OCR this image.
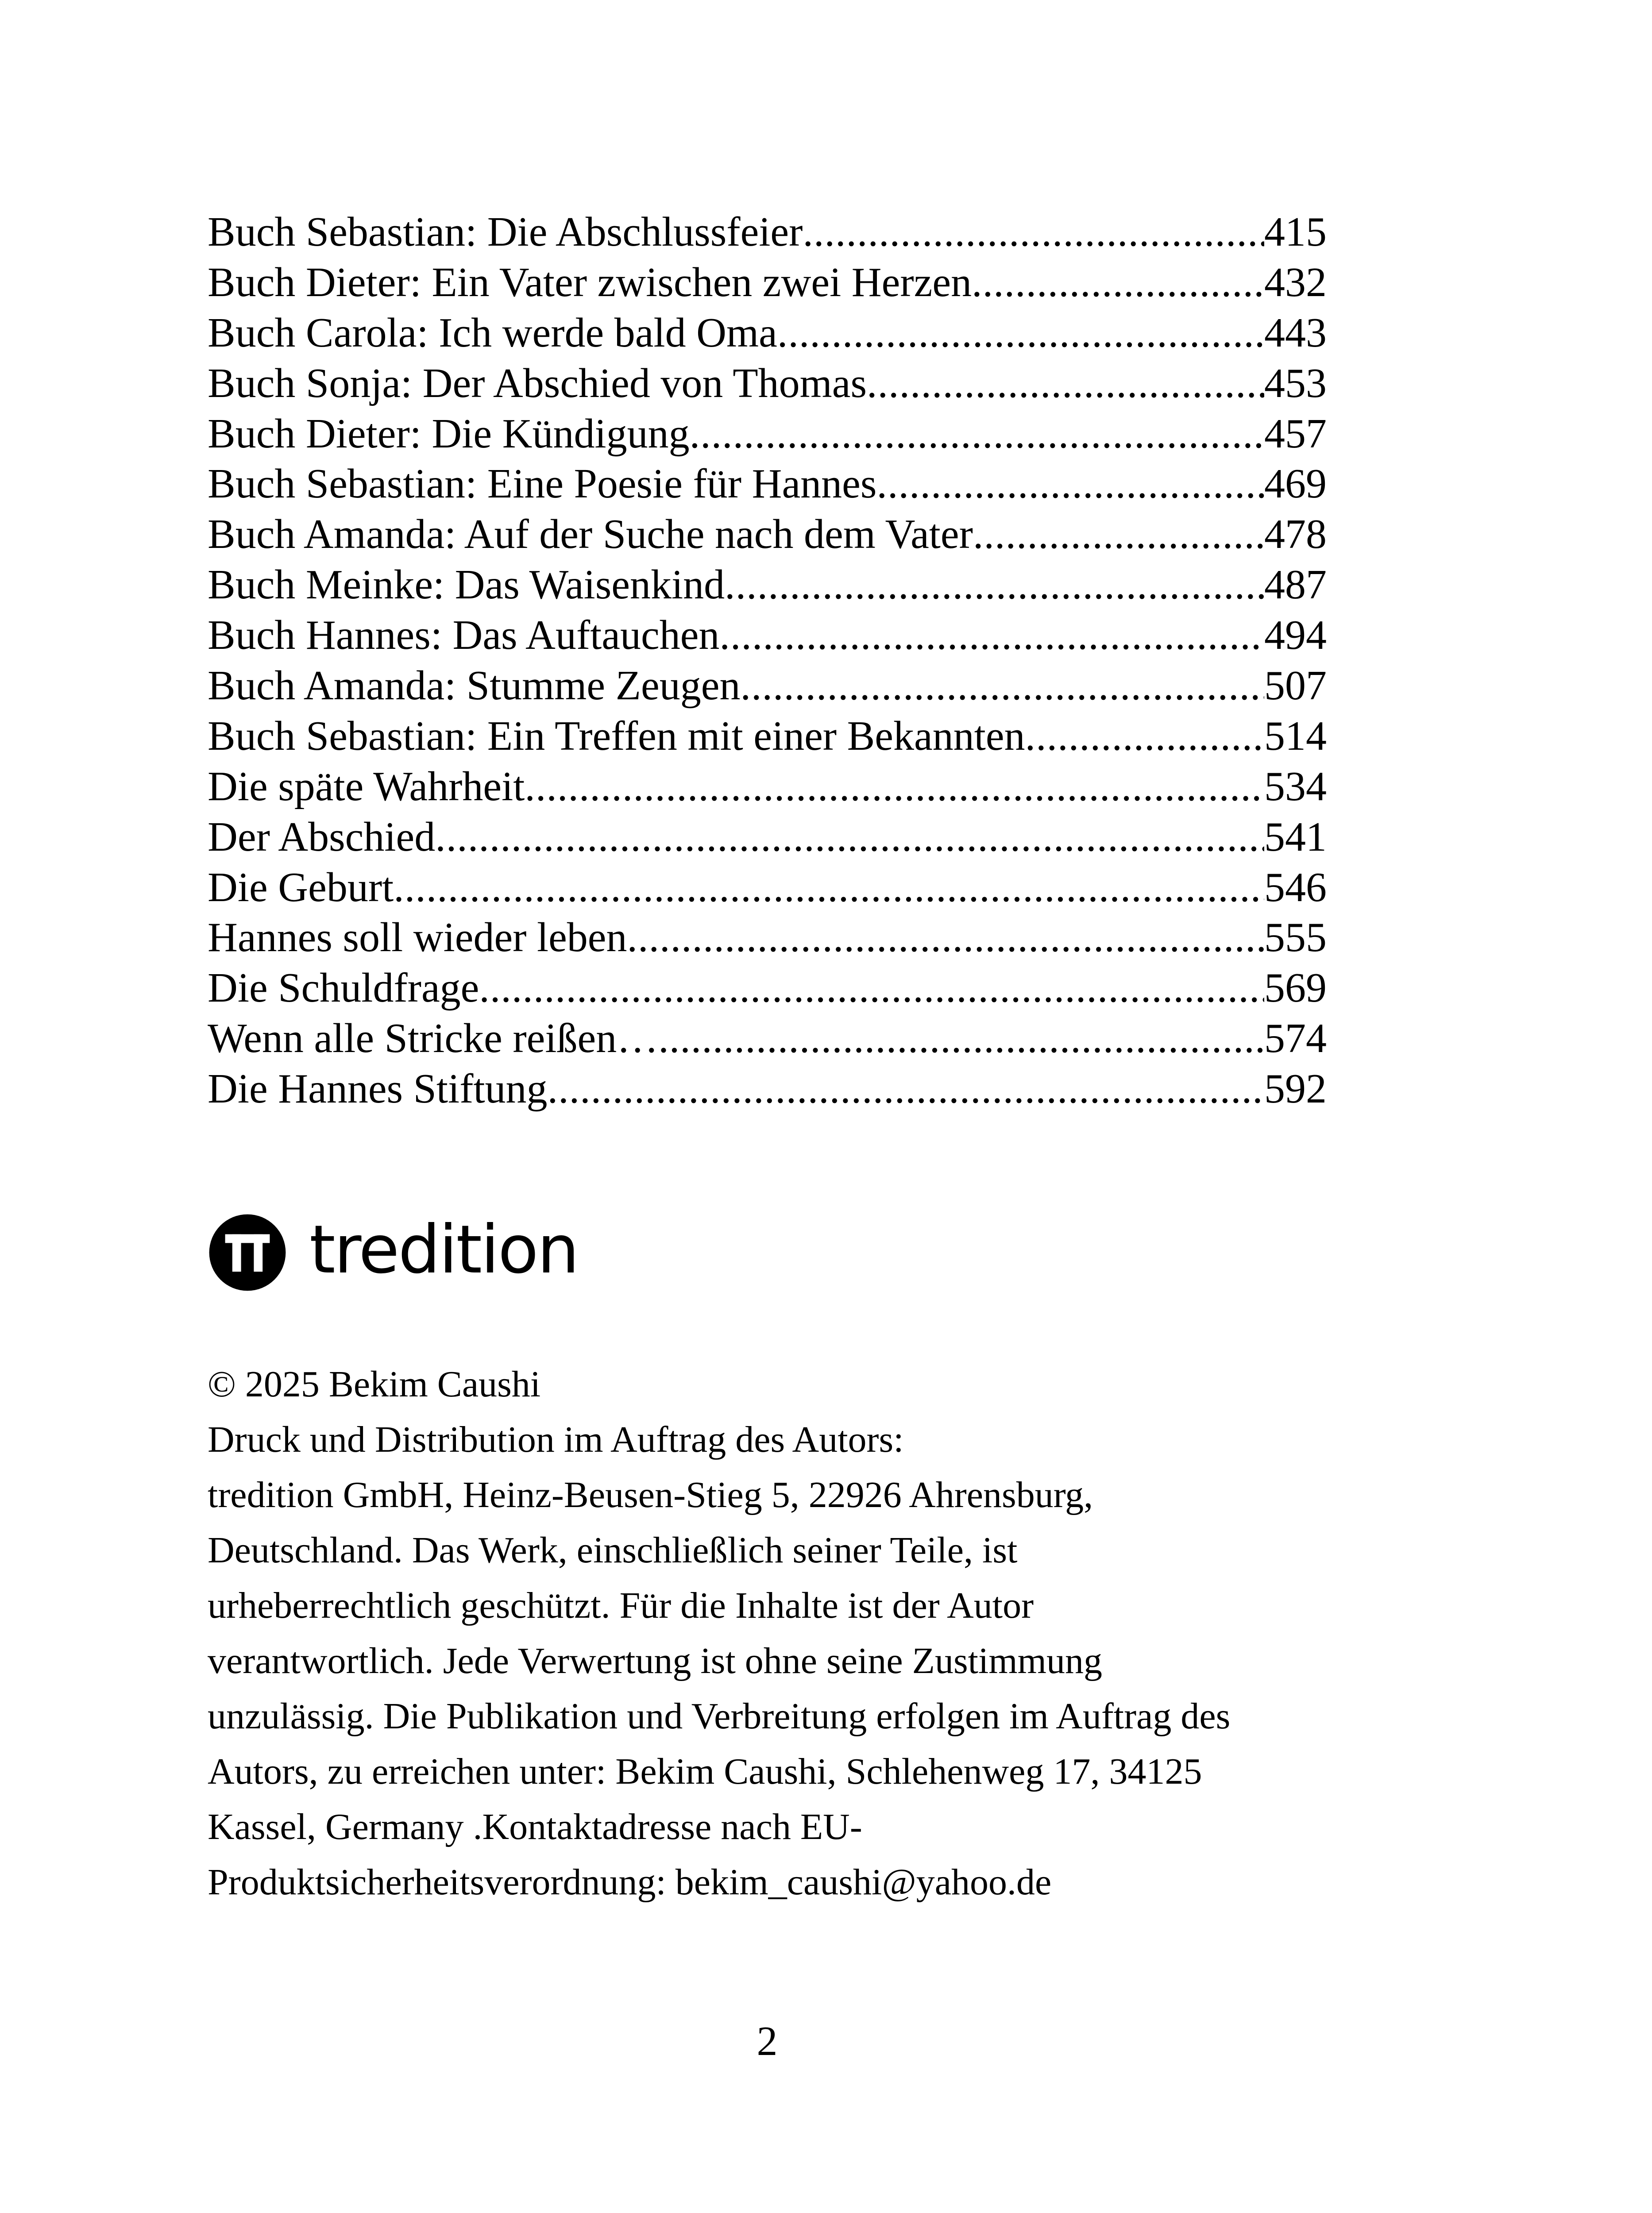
Buch Sebastian: Die Abschlussfeier .....	415
Buch Dieter: Ein Vater zwischen zwei Herzen .....	432
Buch Carola: Ich werde bald Oma .....	443
Buch Sonja: Der Abschied von Thomas .....	453
Buch Dieter: Die Kündigung .....	457
Buch Sebastian: Eine Poesie für Hannes .....	469
Buch Amanda: Auf der Suche nach dem Vater .....	478
Buch Meinke: Das Waisenkind .....	487
Buch Hannes: Das Auftauchen .....	494
Buch Amanda: Stumme Zeugen .....	507
Buch Sebastian: Ein Treffen mit einer Bekannten .....	514
Die späte Wahrheit .....	534
Der Abschied .....	541
Die Geburt .....	546
Hannes soll wieder leben .....	555
Die Schuldfrage .....	569
Wenn alle Stricke reißen… .....	574
Die Hannes Stiftung .....	592
tredition
© 2025 Bekim Caushi
Druck und Distribution im Auftrag des Autors:
tredition GmbH, Heinz-Beusen-Stieg 5, 22926 Ahrensburg,
Deutschland. Das Werk, einschließlich seiner Teile, ist
urheberrechtlich geschützt. Für die Inhalte ist der Autor
verantwortlich. Jede Verwertung ist ohne seine Zustimmung
unzulässig. Die Publikation und Verbreitung erfolgen im Auftrag des
Autors, zu erreichen unter: Bekim Caushi, Schlehenweg 17, 34125
Kassel, Germany .Kontaktadresse nach EU-
Produktsicherheitsverordnung: bekim_caushi@yahoo.de
2
